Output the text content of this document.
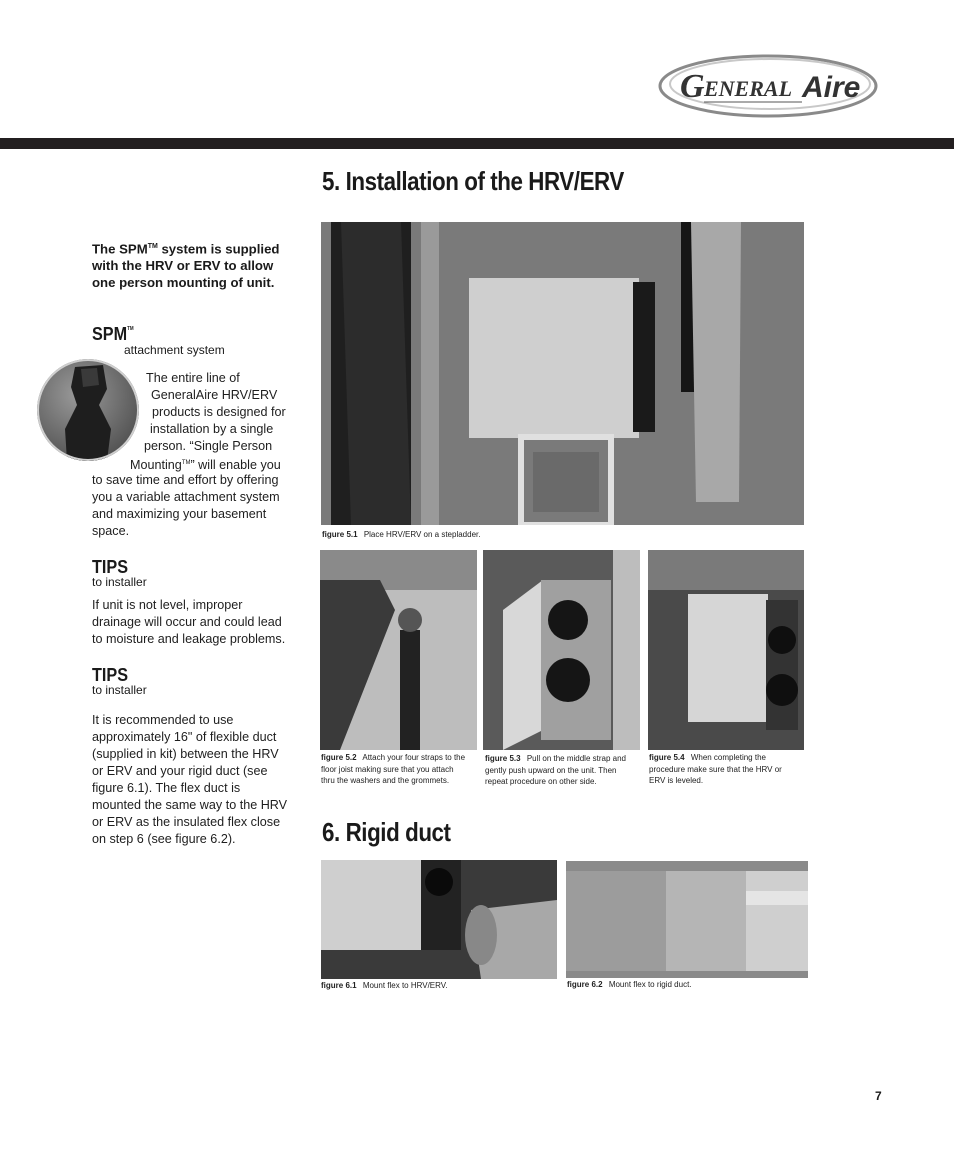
G ENERAL Aire
5. Installation of the HRV/ERV
The SPM™ system is supplied
with the HRV or ERV to allow
one person mounting of unit.
SPM™
attachment system
The entire line of
GeneralAire HRV/ERV
products is designed for
installation by a single
person. “Single Person
Mounting™” will enable you
to save time and effort by offering
you a variable attachment system
and maximizing your basement
space.
TIPS
to installer
If unit is not level, improper
drainage will occur and could lead
to moisture and leakage problems.
TIPS
to installer
It is recommended to use
approximately 16" of flexible duct
(supplied in kit) between the HRV
or ERV and your rigid duct (see
figure 6.1). The flex duct is
mounted the same way to the HRV
or ERV as the insulated flex close
on step 6 (see figure 6.2).
figure 5.1 Place HRV/ERV on a stepladder.
figure 5.2 Attach your four straps to the
floor joist making sure that you attach
thru the washers and the grommets.
figure 5.3 Pull on the middle strap and
gently push upward on the unit. Then
repeat procedure on other side.
figure 5.4 When completing the
procedure make sure that the HRV or
ERV is leveled.
6. Rigid duct
figure 6.1 Mount flex to HRV/ERV.	figure 6.2 Mount flex to rigid duct.
7
